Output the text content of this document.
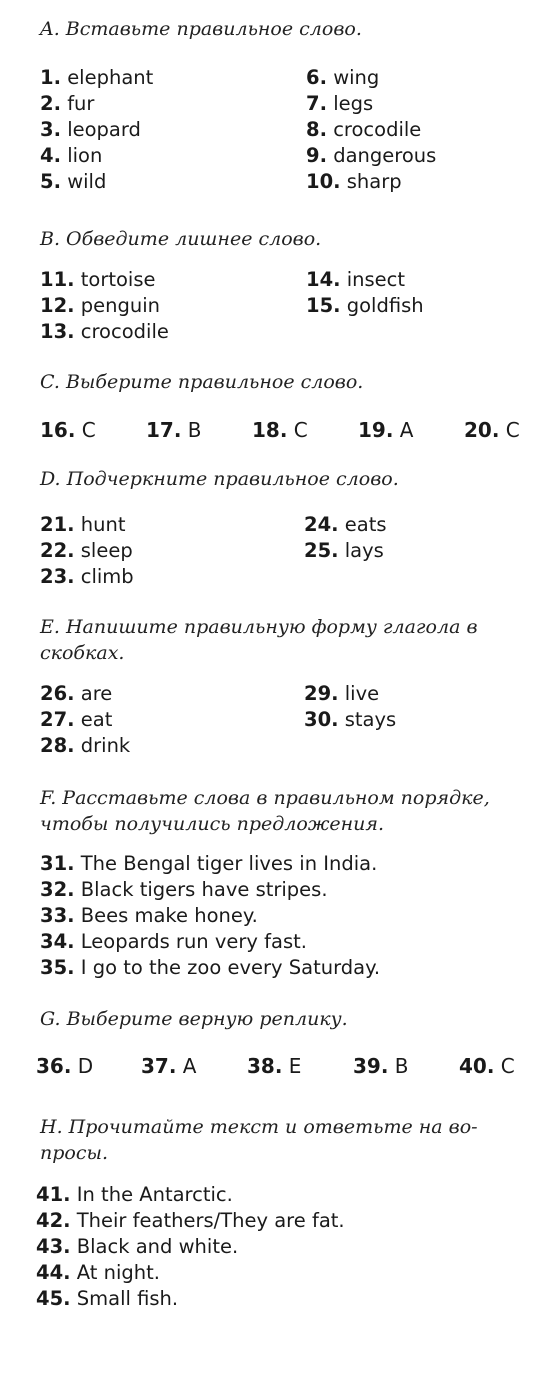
A. Вставьте правильное слово.
1. elephant
2. fur
3. leopard
4. lion
5. wild
6. wing
7. legs
8. crocodile
9. dangerous
10. sharp
B. Обведите лишнее слово.
11. tortoise
12. penguin
13. crocodile
14. insect
15. goldfish
C. Выберите правильное слово.
16. C	17. B	18. C	19. A	20. C
D. Подчеркните правильное слово.
21. hunt
22. sleep
23. climb
24. eats
25. lays
E. Напишите правильную форму глагола в
скобках.
26. are
27. eat
28. drink
29. live
30. stays
F. Расставьте слова в правильном порядке,
чтобы получились предложения.
31. The Bengal tiger lives in India.
32. Black tigers have stripes.
33. Bees make honey.
34. Leopards run very fast.
35. I go to the zoo every Saturday.
G. Выберите верную реплику.
36. D 37. A	38. E	39. B	40. C
H. Прочитайте текст и ответьте на во-
просы.
41. In the Antarctic.
42. Their feathers/They are fat.
43. Black and white.
44. At night.
45. Small fish.
